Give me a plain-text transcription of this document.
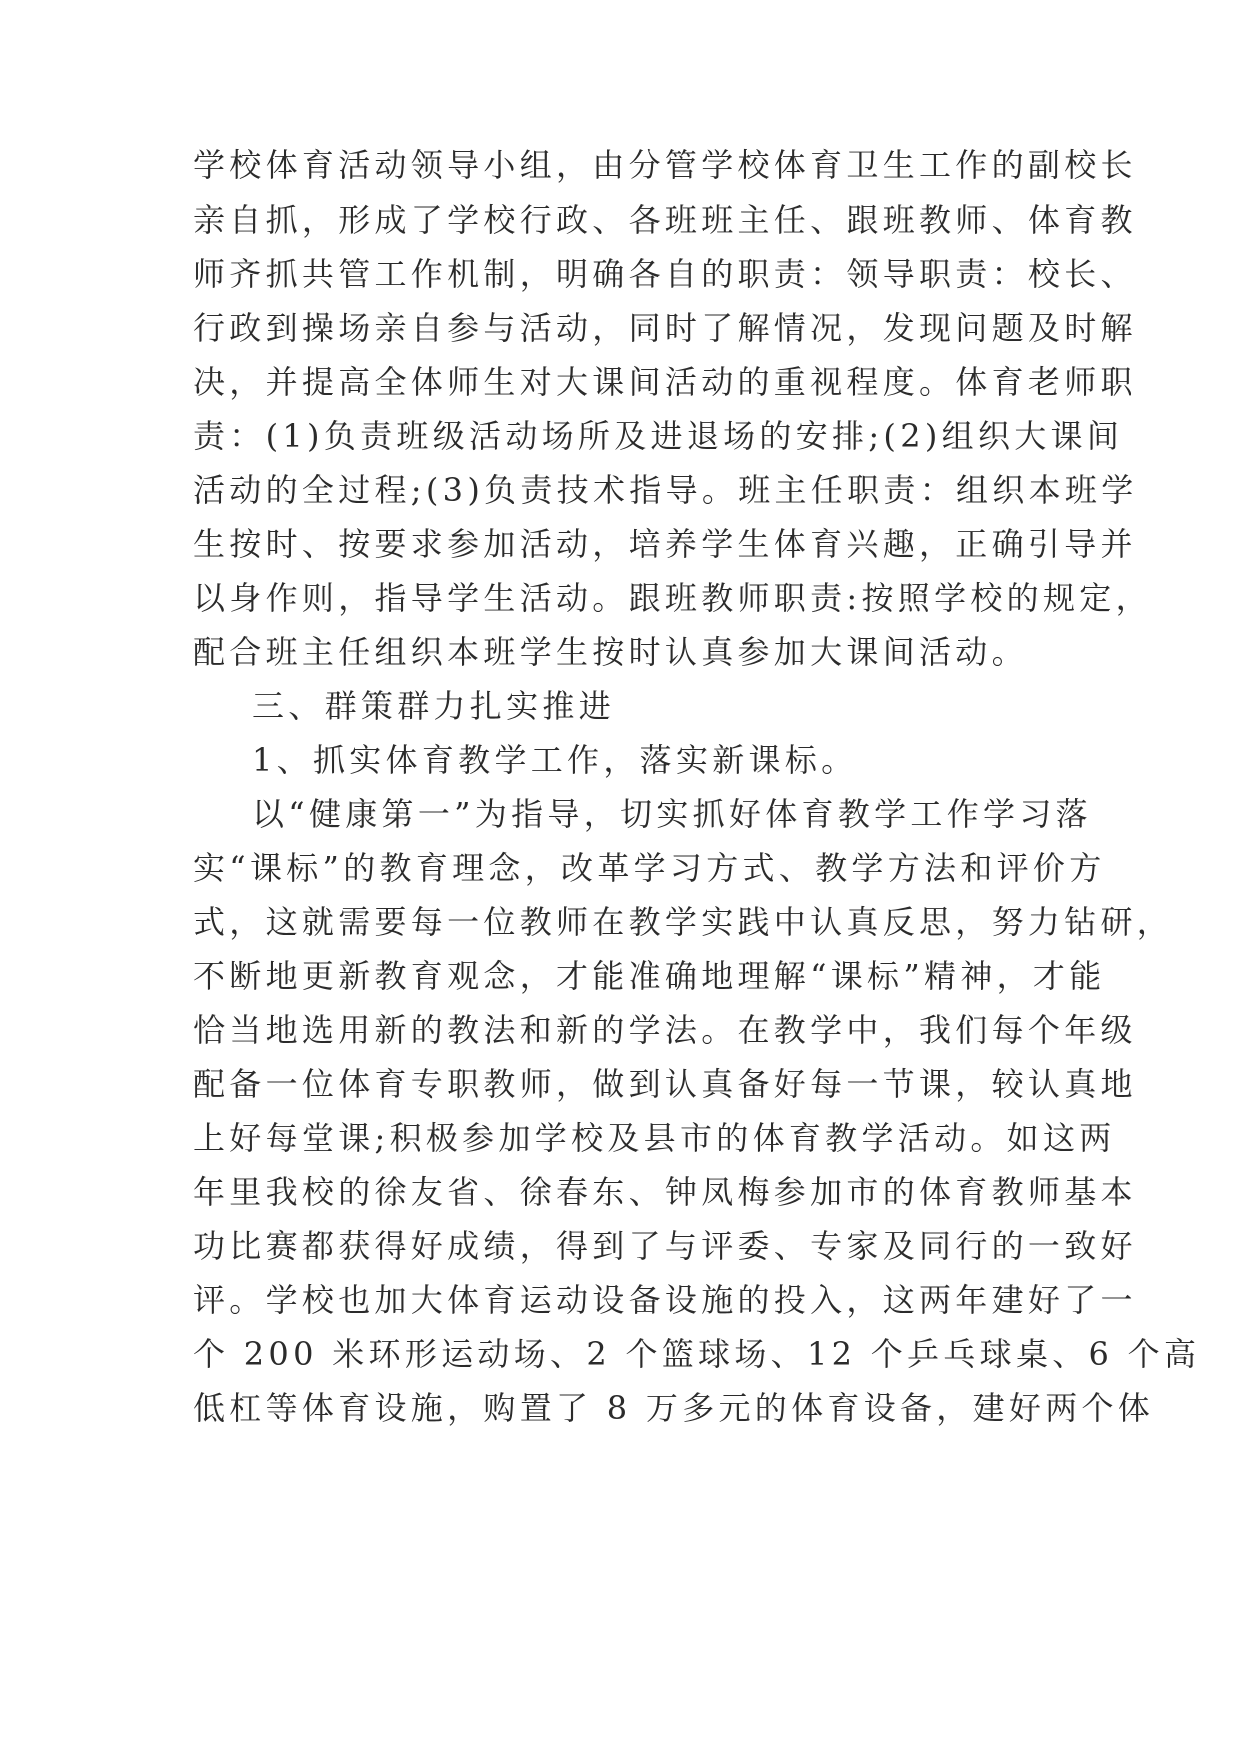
学校体育活动领导小组，由分管学校体育卫生工作的副校长
亲自抓，形成了学校行政、各班班主任、跟班教师、体育教
师齐抓共管工作机制，明确各自的职责：领导职责：校长、
行政到操场亲自参与活动，同时了解情况，发现问题及时解
决，并提高全体师生对大课间活动的重视程度。体育老师职
责：(1)负责班级活动场所及进退场的安排;(2)组织大课间
活动的全过程;(3)负责技术指导。班主任职责：组织本班学
生按时、按要求参加活动，培养学生体育兴趣，正确引导并
以身作则，指导学生活动。跟班教师职责:按照学校的规定，
配合班主任组织本班学生按时认真参加大课间活动。
三、群策群力扎实推进
1、抓实体育教学工作，落实新课标。
以“健康第一”为指导，切实抓好体育教学工作学习落
实“课标”的教育理念，改革学习方式、教学方法和评价方
式，这就需要每一位教师在教学实践中认真反思，努力钻研，
不断地更新教育观念，才能准确地理解“课标”精神，才能
恰当地选用新的教法和新的学法。在教学中，我们每个年级
配备一位体育专职教师，做到认真备好每一节课，较认真地
上好每堂课;积极参加学校及县市的体育教学活动。如这两
年里我校的徐友省、徐春东、钟凤梅参加市的体育教师基本
功比赛都获得好成绩，得到了与评委、专家及同行的一致好
评。学校也加大体育运动设备设施的投入，这两年建好了一
个 200 米环形运动场、2 个篮球场、12 个乒乓球桌、6 个高
低杠等体育设施，购置了 8 万多元的体育设备，建好两个体
